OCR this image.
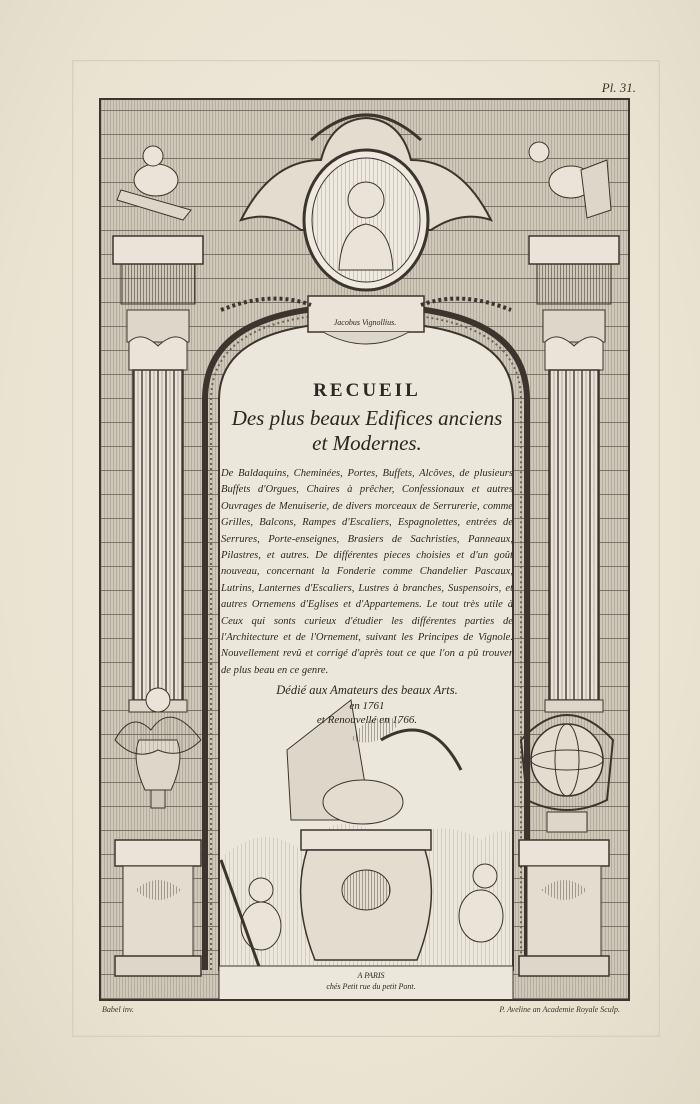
Pl. 31.
Jacobus Vignollius.
RECUEIL
Des plus beaux Edifices anciens
et Modernes.
De Baldaquins, Cheminées, Portes, Buffets, Alcôves, de plusieurs Buffets d'Orgues, Chaires à prêcher, Confessionaux et autres Ouvrages de Menuiserie, de divers morceaux de Serrurerie, comme Grilles, Balcons, Rampes d'Escaliers, Espagnolettes, entrées de Serrures, Porte-enseignes, Brasiers de Sachristies, Panneaux, Pilastres, et autres. De différentes pieces choisies et d'un goût nouveau, concernant la Fonderie comme Chandelier Pascaux, Lutrins, Lanternes d'Escaliers, Lustres à branches, Suspensoirs, et autres Ornemens d'Eglises et d'Appartemens. Le tout très utile à Ceux qui sonts curieux d'étudier les différentes parties de l'Architecture et de l'Ornement, suivant les Principes de Vignole. Nouvellement revû et corrigé d'après tout ce que l'on a pû trouver de plus beau en ce genre.
Dédié aux Amateurs des beaux Arts.
en 1761
et Renouvellé en 1766.
A PARIS
chés Petit rue du petit Pont.
Babel inv.	P. Aveline an Academie Royale Sculp.
